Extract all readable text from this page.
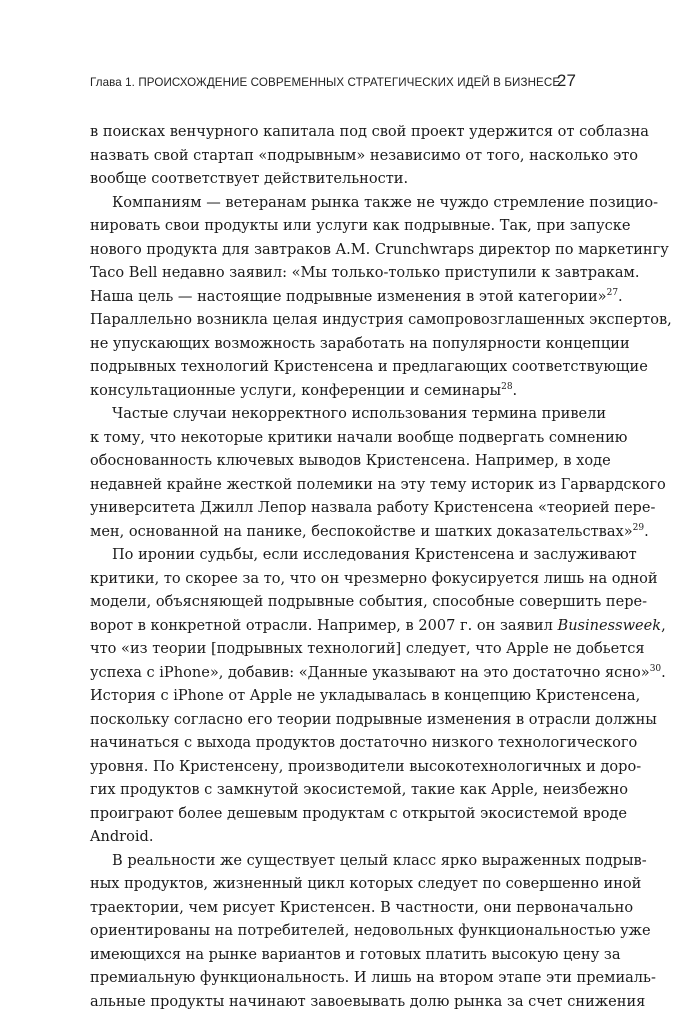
Глава 1. ПРОИСХОЖДЕНИЕ СОВРЕМЕННЫХ СТРАТЕГИЧЕСКИХ ИДЕЙ В БИЗНЕСЕ
27
в поисках венчурного капитала под свой проект удержится от соблазна
назвать свой стартап «подрывным» независимо от того, насколько это
вообще соответствует действительности.
Компаниям — ветеранам рынка также не чуждо стремление позицио-
нировать свои продукты или услуги как подрывные. Так, при запуске
нового продукта для завтраков A.M. Crunchwraps директор по маркетингу
Taco Bell недавно заявил: «Мы только-только приступили к завтракам.
Наша цель — настоящие подрывные изменения в этой категории»$^{27}$.
Параллельно возникла целая индустрия самопровозглашенных экспертов,
не упускающих возможность заработать на популярности концепции
подрывных технологий Кристенсена и предлагающих соответствующие
консультационные услуги, конференции и семинары$^{28}$.
Частые случаи некорректного использования термина привели
к тому, что некоторые критики начали вообще подвергать сомнению
обоснованность ключевых выводов Кристенсена. Например, в ходе
недавней крайне жесткой полемики на эту тему историк из Гарвардского
университета Джилл Лепор назвала работу Кристенсена «теорией пере-
мен, основанной на панике, беспокойстве и шатких доказательствах»$^{29}$.
По иронии судьбы, если исследования Кристенсена и заслуживают
критики, то скорее за то, что он чрезмерно фокусируется лишь на одной
модели, объясняющей подрывные события, способные совершить пере-
ворот в конкретной отрасли. Например, в 2007 г. он заявил Businessweek,
что «из теории [подрывных технологий] следует, что Apple не добьется
успеха с iPhone», добавив: «Данные указывают на это достаточно ясно»$^{30}$.
История с iPhone от Apple не укладывалась в концепцию Кристенсена,
поскольку согласно его теории подрывные изменения в отрасли должны
начинаться с выхода продуктов достаточно низкого технологического
уровня. По Кристенсену, производители высокотехнологичных и доро-
гих продуктов с замкнутой экосистемой, такие как Apple, неизбежно
проиграют более дешевым продуктам с открытой экосистемой вроде
Android.
В реальности же существует целый класс ярко выраженных подрыв-
ных продуктов, жизненный цикл которых следует по совершенно иной
траектории, чем рисует Кристенсен. В частности, они первоначально
ориентированы на потребителей, недовольных функциональностью уже
имеющихся на рынке вариантов и готовых платить высокую цену за
премиальную функциональность. И лишь на втором этапе эти премиаль-
альные продукты начинают завоевывать долю рынка за счет снижения
